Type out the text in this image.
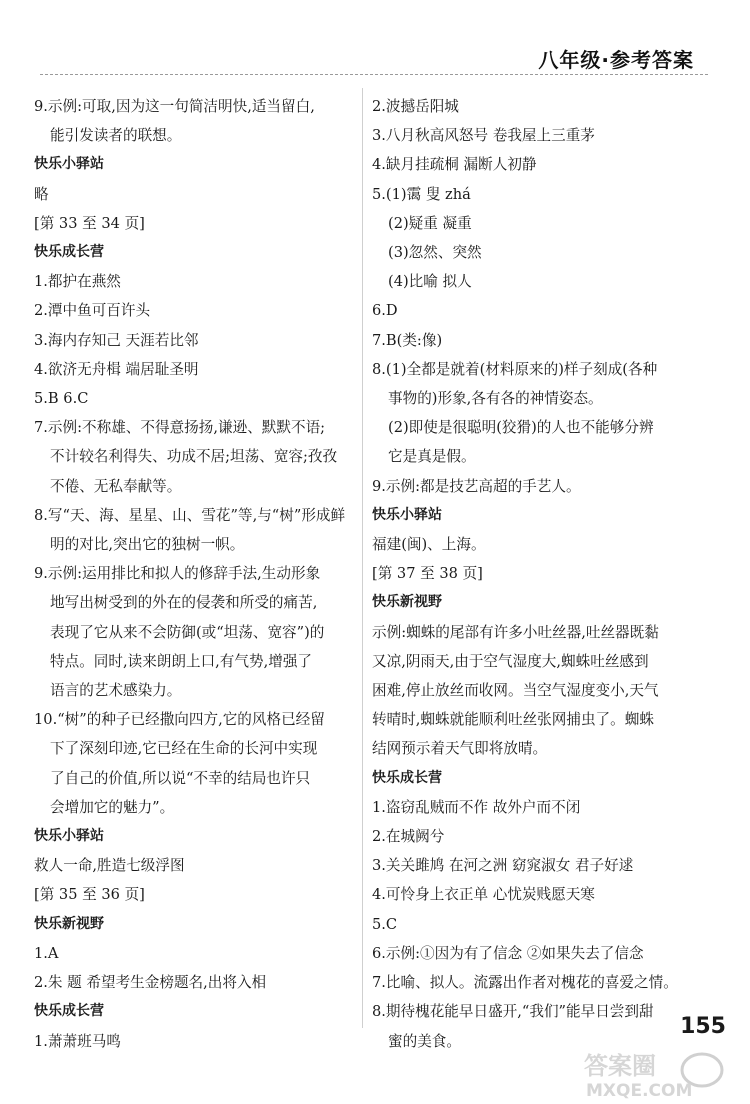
八年级·参考答案
9.示例:可取,因为这一句简洁明快,适当留白,
能引发读者的联想。
快乐小驿站
略
[第 33 至 34 页]
快乐成长营
1.都护在燕然
2.潭中鱼可百许头
3.海内存知己 天涯若比邻
4.欲济无舟楫 端居耻圣明
5.B 6.C
7.示例:不称雄、不得意扬扬,谦逊、默默不语;
不计较名利得失、功成不居;坦荡、宽容;孜孜
不倦、无私奉献等。
8.写“天、海、星星、山、雪花”等,与“树”形成鲜
明的对比,突出它的独树一帜。
9.示例:运用排比和拟人的修辞手法,生动形象
地写出树受到的外在的侵袭和所受的痛苦,
表现了它从来不会防御(或“坦荡、宽容”)的
特点。同时,读来朗朗上口,有气势,增强了
语言的艺术感染力。
10.“树”的种子已经撒向四方,它的风格已经留
下了深刻印迹,它已经在生命的长河中实现
了自己的价值,所以说“不幸的结局也许只
会增加它的魅力”。
快乐小驿站
救人一命,胜造七级浮图
[第 35 至 36 页]
快乐新视野
1.A
2.朱 题 希望考生金榜题名,出将入相
快乐成长营
1.萧萧班马鸣
2.波撼岳阳城
3.八月秋高风怒号 卷我屋上三重茅
4.缺月挂疏桐 漏断人初静
5.(1)霭 叟 zhá
(2)疑重 凝重
(3)忽然、突然
(4)比喻 拟人
6.D
7.B(类:像)
8.(1)全都是就着(材料原来的)样子刻成(各种
事物的)形象,各有各的神情姿态。
(2)即使是很聪明(狡猾)的人也不能够分辨
它是真是假。
9.示例:都是技艺高超的手艺人。
快乐小驿站
福建(闽)、上海。
[第 37 至 38 页]
快乐新视野
示例:蜘蛛的尾部有许多小吐丝器,吐丝器既黏
又凉,阴雨天,由于空气湿度大,蜘蛛吐丝感到
困难,停止放丝而收网。当空气湿度变小,天气
转晴时,蜘蛛就能顺利吐丝张网捕虫了。蜘蛛
结网预示着天气即将放晴。
快乐成长营
1.盗窃乱贼而不作 故外户而不闭
2.在城阙兮
3.关关雎鸠 在河之洲 窈窕淑女 君子好逑
4.可怜身上衣正单 心忧炭贱愿天寒
5.C
6.示例:①因为有了信念 ②如果失去了信念
7.比喻、拟人。流露出作者对槐花的喜爱之情。
8.期待槐花能早日盛开,“我们”能早日尝到甜
蜜的美食。
155
答案圈
MXQE.COM
